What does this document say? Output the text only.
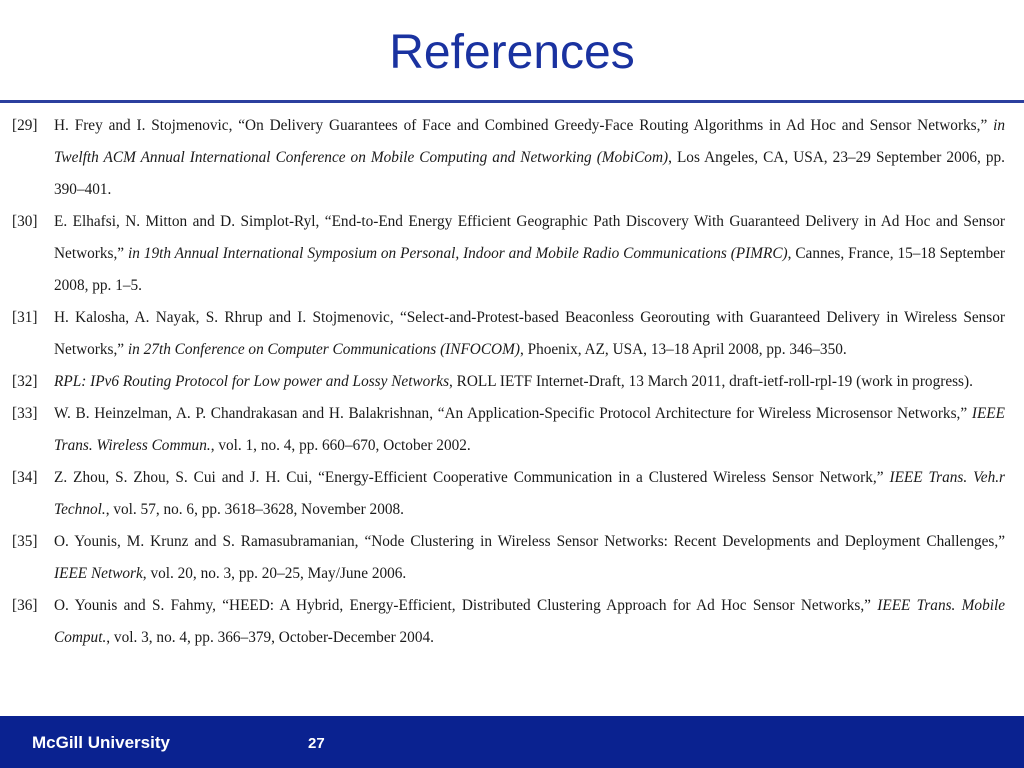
References
[29]	H. Frey and I. Stojmenovic, “On Delivery Guarantees of Face and Combined Greedy-Face Routing Algorithms in Ad Hoc and Sensor Networks,” in Twelfth ACM Annual International Conference on Mobile Computing and Networking (MobiCom), Los Angeles, CA, USA, 23–29 September 2006, pp. 390–401.
[30]	E. Elhafsi, N. Mitton and D. Simplot-Ryl, “End-to-End Energy Efficient Geographic Path Discovery With Guaranteed Delivery in Ad Hoc and Sensor Networks,” in 19th Annual International Symposium on Personal, Indoor and Mobile Radio Communications (PIMRC), Cannes, France, 15–18 September 2008, pp. 1–5.
[31]	H. Kalosha, A. Nayak, S. Rhrup and I. Stojmenovic, “Select-and-Protest-based Beaconless Georouting with Guaranteed Delivery in Wireless Sensor Networks,” in 27th Conference on Computer Communications (INFOCOM), Phoenix, AZ, USA, 13–18 April 2008, pp. 346–350.
[32]	RPL: IPv6 Routing Protocol for Low power and Lossy Networks, ROLL IETF Internet-Draft, 13 March 2011, draft-ietf-roll-rpl-19 (work in progress).
[33]	W. B. Heinzelman, A. P. Chandrakasan and H. Balakrishnan, “An Application-Specific Protocol Architecture for Wireless Microsensor Networks,” IEEE Trans. Wireless Commun., vol. 1, no. 4, pp. 660–670, October 2002.
[34]	Z. Zhou, S. Zhou, S. Cui and J. H. Cui, “Energy-Efficient Cooperative Communication in a Clustered Wireless Sensor Network,” IEEE Trans. Veh.r Technol., vol. 57, no. 6, pp. 3618–3628, November 2008.
[35]	O. Younis, M. Krunz and S. Ramasubramanian, “Node Clustering in Wireless Sensor Networks: Recent Developments and Deployment Challenges,” IEEE Network, vol. 20, no. 3, pp. 20–25, May/June 2006.
[36]	O. Younis and S. Fahmy, “HEED: A Hybrid, Energy-Efficient, Distributed Clustering Approach for Ad Hoc Sensor Networks,” IEEE Trans. Mobile Comput., vol. 3, no. 4, pp. 366–379, October-December 2004.
McGill University	27
